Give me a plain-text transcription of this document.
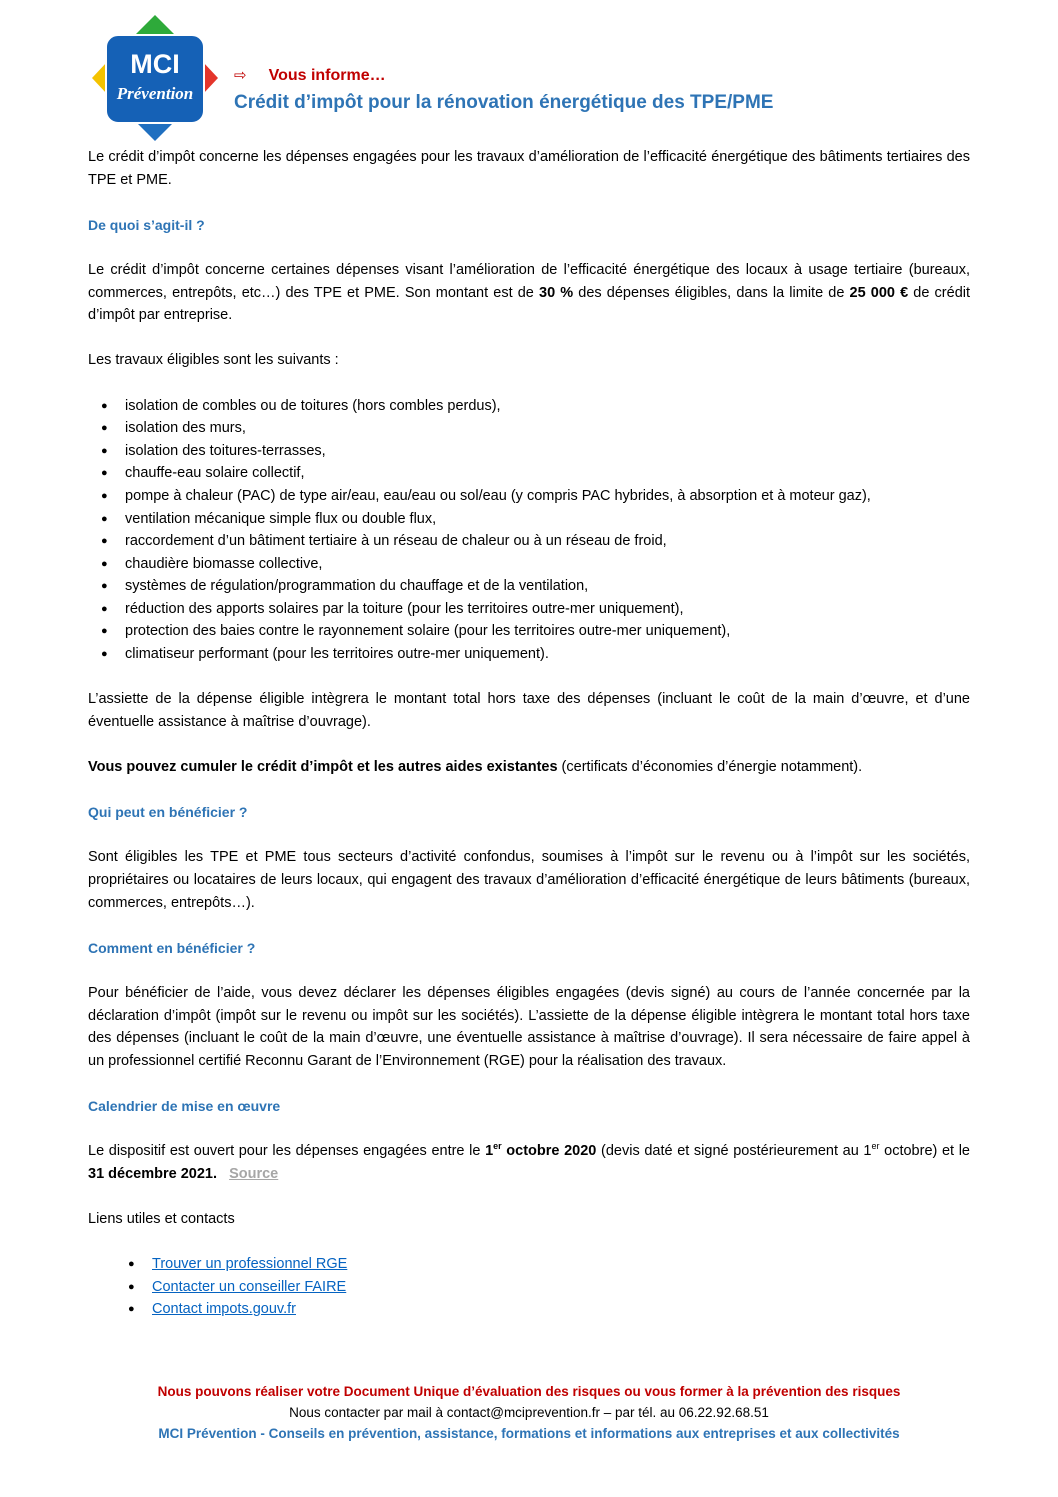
MCI
Prévention
⇨ Vous informe…
Crédit d’impôt pour la rénovation énergétique des TPE/PME

Le crédit d’impôt concerne les dépenses engagées pour les travaux d’amélioration de l’efficacité énergétique des bâtiments tertiaires des TPE et PME.

De quoi s’agit-il ?

Le crédit d’impôt concerne certaines dépenses visant l’amélioration de l’efficacité énergétique des locaux à usage tertiaire (bureaux, commerces, entrepôts, etc…) des TPE et PME. Son montant est de 30 % des dépenses éligibles, dans la limite de 25 000 € de crédit d’impôt par entreprise.

Les travaux éligibles sont les suivants :

● isolation de combles ou de toitures (hors combles perdus),
● isolation des murs,
● isolation des toitures-terrasses,
● chauffe-eau solaire collectif,
● pompe à chaleur (PAC) de type air/eau, eau/eau ou sol/eau (y compris PAC hybrides, à absorption et à moteur gaz),
● ventilation mécanique simple flux ou double flux,
● raccordement d’un bâtiment tertiaire à un réseau de chaleur ou à un réseau de froid,
● chaudière biomasse collective,
● systèmes de régulation/programmation du chauffage et de la ventilation,
● réduction des apports solaires par la toiture (pour les territoires outre-mer uniquement),
● protection des baies contre le rayonnement solaire (pour les territoires outre-mer uniquement),
● climatiseur performant (pour les territoires outre-mer uniquement).

L’assiette de la dépense éligible intègrera le montant total hors taxe des dépenses (incluant le coût de la main d’œuvre, et d’une éventuelle assistance à maîtrise d’ouvrage).

Vous pouvez cumuler le crédit d’impôt et les autres aides existantes (certificats d’économies d’énergie notamment).

Qui peut en bénéficier ?

Sont éligibles les TPE et PME tous secteurs d’activité confondus, soumises à l’impôt sur le revenu ou à l’impôt sur les sociétés, propriétaires ou locataires de leurs locaux, qui engagent des travaux d’amélioration d’efficacité énergétique de leurs bâtiments (bureaux, commerces, entrepôts…).

Comment en bénéficier ?

Pour bénéficier de l’aide, vous devez déclarer les dépenses éligibles engagées (devis signé) au cours de l’année concernée par la déclaration d’impôt (impôt sur le revenu ou impôt sur les sociétés). L’assiette de la dépense éligible intègrera le montant total hors taxe des dépenses (incluant le coût de la main d’œuvre, une éventuelle assistance à maîtrise d’ouvrage). Il sera nécessaire de faire appel à un professionnel certifié Reconnu Garant de l’Environnement (RGE) pour la réalisation des travaux.

Calendrier de mise en œuvre

Le dispositif est ouvert pour les dépenses engagées entre le 1er octobre 2020 (devis daté et signé postérieurement au 1er octobre) et le 31 décembre 2021. Source

Liens utiles et contacts

● Trouver un professionnel RGE
● Contacter un conseiller FAIRE
● Contact impots.gouv.fr
Nous pouvons réaliser votre Document Unique d’évaluation des risques ou vous former à la prévention des risques
Nous contacter par mail à contact@mciprevention.fr – par tél. au 06.22.92.68.51
MCI Prévention - Conseils en prévention, assistance, formations et informations aux entreprises et aux collectivités
